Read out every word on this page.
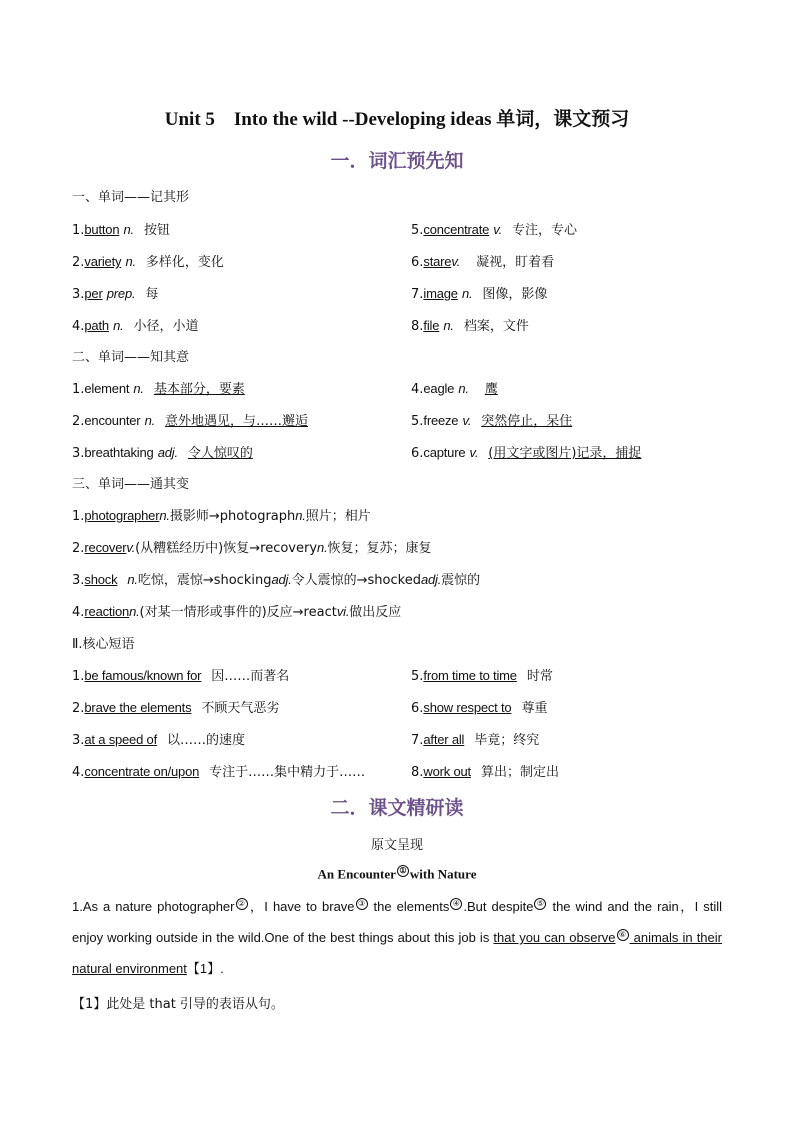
Unit 5　Into the wild --Developing ideas 单词，课文预习
一．词汇预先知
一、单词——记其形
1.button n. 按钮	5.concentrate v. 专注，专心
2.variety n. 多样化，变化	6.starev. 凝视，盯着看
3.per prep. 每	7.image n. 图像，影像
4.path n. 小径，小道	8.file n. 档案，文件
二、单词——知其意
1.element n. 基本部分，要素	4.eagle n. 鹰
2.encounter n. 意外地遇见，与……邂逅	5.freeze v. 突然停止，呆住
3.breathtaking adj. 令人惊叹的	6.capture v. (用文字或图片)记录，捕捉
三、单词——通其变
1.photographern.摄影师→photographn.照片；相片
2.recoverv.(从糟糕经历中)恢复→recoveryn.恢复；复苏；康复
3.shock n.吃惊，震惊→shockingadj.令人震惊的→shockedadj.震惊的
4.reactionn.(对某一情形或事件的)反应→reactvi.做出反应
Ⅱ.核心短语
1.be famous/known for 因……而著名	5.from time to time 时常
2.brave the elements 不顾天气恶劣	6.show respect to 尊重
3.at a speed of 以……的速度	7.after all 毕竟；终究
4.concentrate on/upon 专注于……集中精力于……	8.work out 算出；制定出
二．课文精研读
原文呈现
An Encounter ① with Nature
1.As a nature photographer ② ，I have to brave ③ the elements ④ .But despite ⑤ the wind and the rain，I still enjoy working outside in the wild.One of the best things about this job is that you can observe ⑥ animals in their natural environment【1】.
【1】此处是 that 引导的表语从句。
